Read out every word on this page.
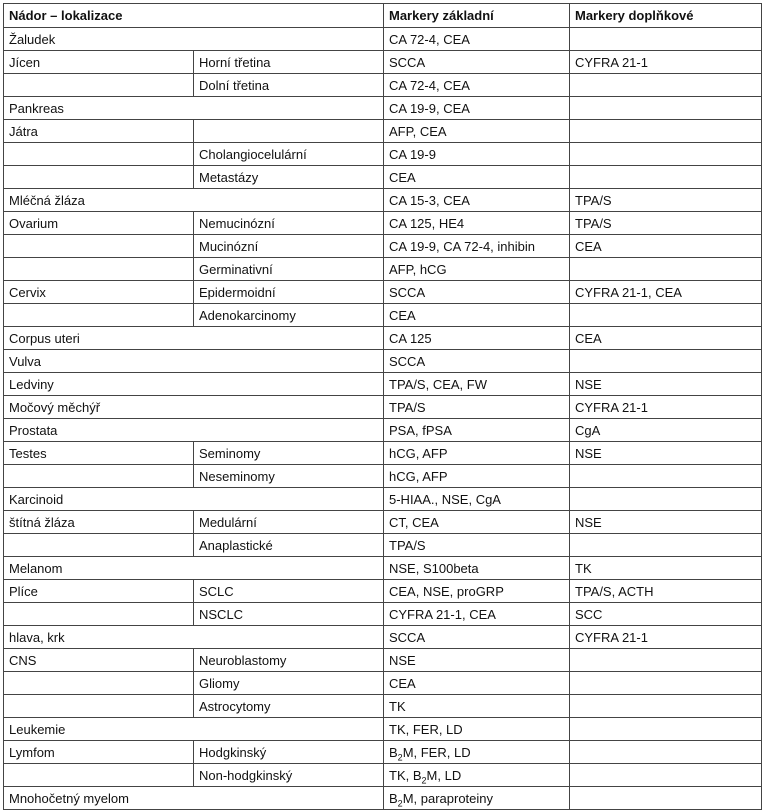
Nádor – lokalizace		Markery základní	Markery doplňkové
Žaludek		CA 72-4, CEA	
Jícen	Horní třetina	SCCA	CYFRA 21-1
	Dolní třetina	CA 72-4, CEA	
Pankreas		CA 19-9, CEA	
Játra		AFP, CEA	
	Cholangiocelulární	CA 19-9	
	Metastázy	CEA	
Mléčná žláza		CA 15-3, CEA	TPA/S
Ovarium	Nemucinózní	CA 125, HE4	TPA/S
	Mucinózní	CA 19-9, CA 72-4, inhibin	CEA
	Germinativní	AFP, hCG	
Cervix	Epidermoidní	SCCA	CYFRA 21-1, CEA
	Adenokarcinomy	CEA	
Corpus uteri		CA 125	CEA
Vulva		SCCA	
Ledviny		TPA/S, CEA, FW	NSE
Močový měchýř		TPA/S	CYFRA 21-1
Prostata		PSA, fPSA	CgA
Testes	Seminomy	hCG, AFP	NSE
	Neseminomy	hCG, AFP	
Karcinoid		5-HIAA., NSE, CgA	
štítná žláza	Medulární	CT, CEA	NSE
	Anaplastické	TPA/S	
Melanom		NSE, S100beta	TK
Plíce	SCLC	CEA, NSE, proGRP	TPA/S, ACTH
	NSCLC	CYFRA 21-1, CEA	SCC
hlava, krk		SCCA	CYFRA 21-1
CNS	Neuroblastomy	NSE	
	Gliomy	CEA	
	Astrocytomy	TK	
Leukemie		TK, FER, LD	
Lymfom	Hodgkinský	$B_2M$, FER, LD	
	Non-hodgkinský	TK, $B_2M$, LD	
Mnohočetný myelom		$B_2M$, paraproteiny	
